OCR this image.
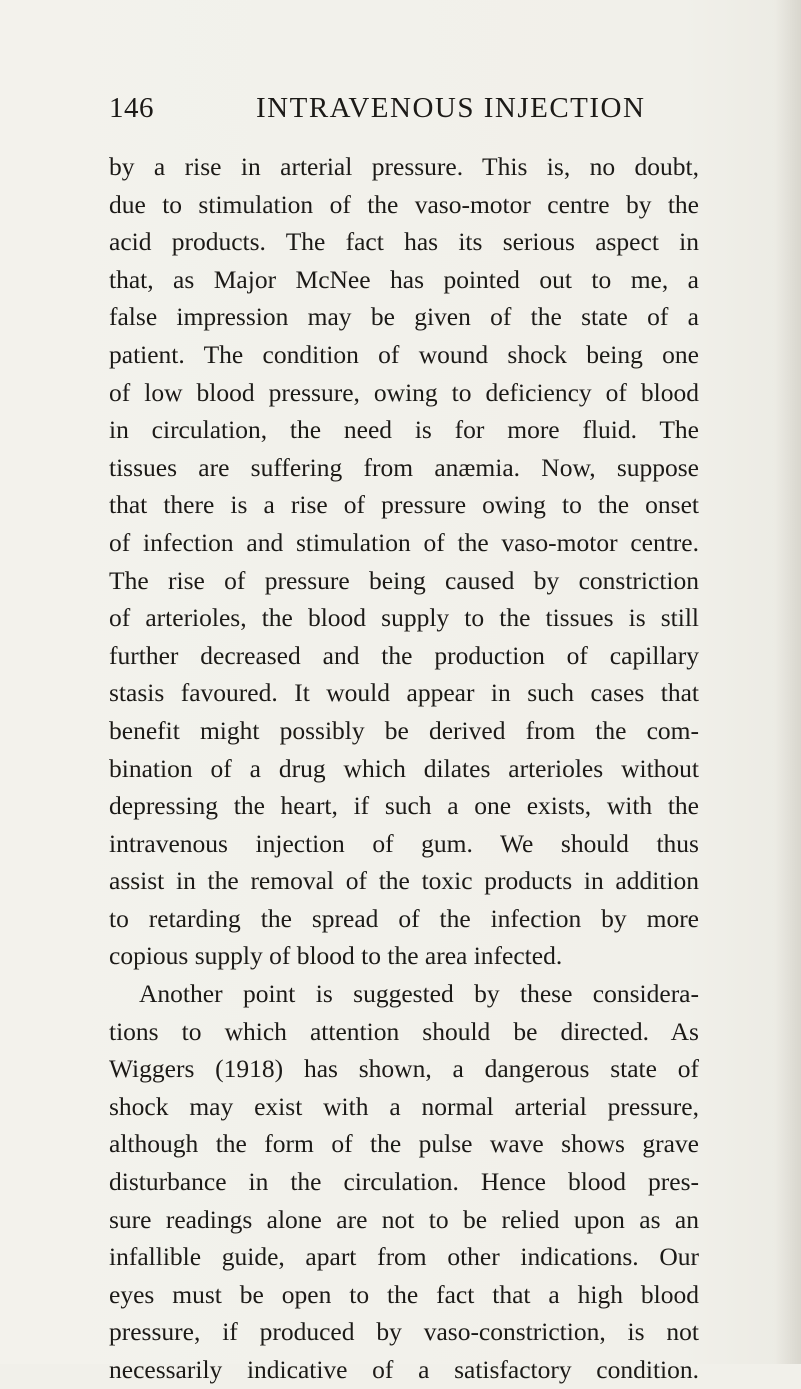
146	INTRAVENOUS INJECTION
by a rise in arterial pressure. This is, no doubt,
due to stimulation of the vaso-motor centre by the
acid products. The fact has its serious aspect in
that, as Major McNee has pointed out to me, a
false impression may be given of the state of a
patient. The condition of wound shock being one
of low blood pressure, owing to deficiency of blood
in circulation, the need is for more fluid. The
tissues are suffering from anæmia. Now, suppose
that there is a rise of pressure owing to the onset
of infection and stimulation of the vaso-motor centre.
The rise of pressure being caused by constriction
of arterioles, the blood supply to the tissues is still
further decreased and the production of capillary
stasis favoured. It would appear in such cases that
benefit might possibly be derived from the com-
bination of a drug which dilates arterioles without
depressing the heart, if such a one exists, with the
intravenous injection of gum. We should thus
assist in the removal of the toxic products in addition
to retarding the spread of the infection by more
copious supply of blood to the area infected.
Another point is suggested by these considera-
tions to which attention should be directed. As
Wiggers (1918) has shown, a dangerous state of
shock may exist with a normal arterial pressure,
although the form of the pulse wave shows grave
disturbance in the circulation. Hence blood pres-
sure readings alone are not to be relied upon as an
infallible guide, apart from other indications. Our
eyes must be open to the fact that a high blood
pressure, if produced by vaso-constriction, is not
necessarily indicative of a satisfactory condition.
